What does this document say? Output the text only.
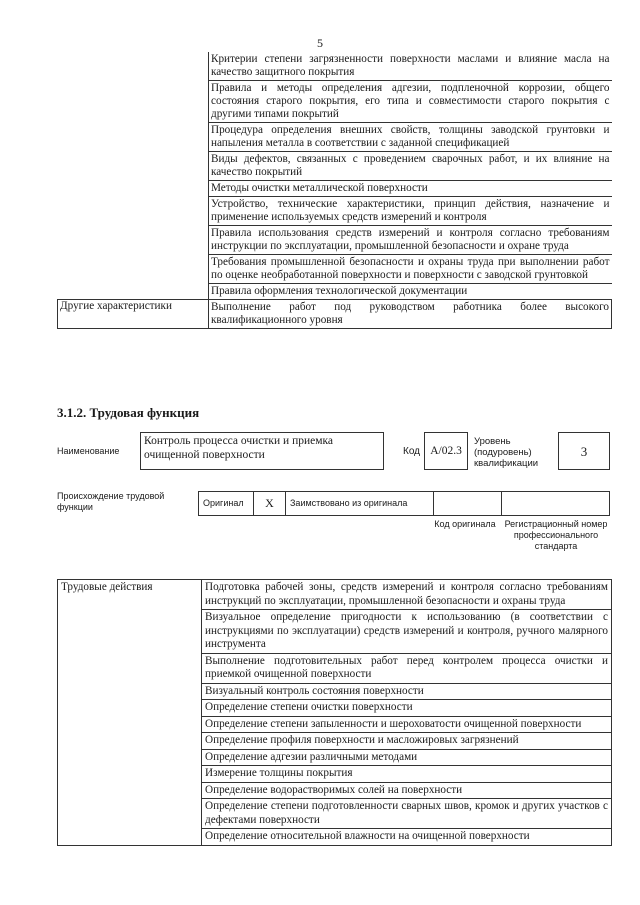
5
	Критерии степени загрязненности поверхности маслами и влияние масла на качество защитного покрытия
	Правила и методы определения адгезии, подпленочной коррозии, общего состояния старого покрытия, его типа и совместимости старого покрытия с другими типами покрытий
	Процедура определения внешних свойств, толщины заводской грунтовки и напыления металла в соответствии с заданной спецификацией
	Виды дефектов, связанных с проведением сварочных работ, и их влияние на качество покрытий
	Методы очистки металлической поверхности
	Устройство, технические характеристики, принцип действия, назначение и применение используемых средств измерений и контроля
	Правила использования средств измерений и контроля согласно требованиям инструкции по эксплуатации, промышленной безопасности и охране труда
	Требования промышленной безопасности и охраны труда при выполнении работ по оценке необработанной поверхности и поверхности с заводской грунтовкой
	Правила оформления технологической документации
Другие характеристики	Выполнение работ под руководством работника более высокого квалификационного уровня
3.1.2. Трудовая функция
Наименование
Контроль процесса очистки и приемка очищенной поверхности	Код A/02.3
Уровень (подуровень) квалификации
3
Происхождение трудовой функции	Оригинал	X	Заимствовано из оригинала
Код оригинала Регистрационный номер профессионального стандарта
Трудовые действия	Подготовка рабочей зоны, средств измерений и контроля согласно требованиям инструкций по эксплуатации, промышленной безопасности и охраны труда
Визуальное определение пригодности к использованию (в соответствии с инструкциями по эксплуатации) средств измерений и контроля, ручного малярного инструмента
Выполнение подготовительных работ перед контролем процесса очистки и приемкой очищенной поверхности
Визуальный контроль состояния поверхности
Определение степени очистки поверхности
Определение степени запыленности и шероховатости очищенной поверхности
Определение профиля поверхности и масложировых загрязнений
Определение адгезии различными методами
Измерение толщины покрытия
Определение водорастворимых солей на поверхности
Определение степени подготовленности сварных швов, кромок и других участков с дефектами поверхности
Определение относительной влажности на очищенной поверхности
